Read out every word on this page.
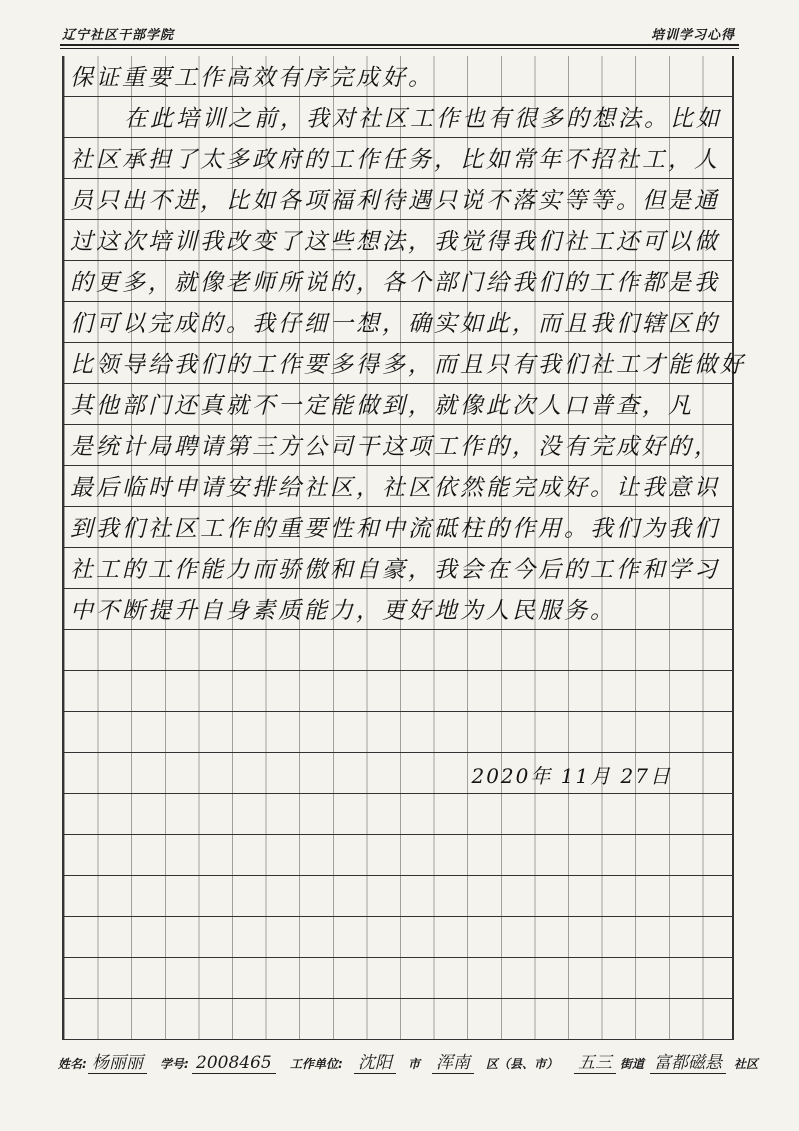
辽宁社区干部学院	培训学习心得
保证重要工作高效有序完成好。
在此培训之前，我对社区工作也有很多的想法。比如
社区承担了太多政府的工作任务，比如常年不招社工，人
员只出不进，比如各项福利待遇只说不落实等等。但是通
过这次培训我改变了这些想法，我觉得我们社工还可以做
的更多，就像老师所说的，各个部门给我们的工作都是我
们可以完成的。我仔细一想，确实如此，而且我们辖区的
比领导给我们的工作要多得多，而且只有我们社工才能做好
其他部门还真就不一定能做到，就像此次人口普查，凡
是统计局聘请第三方公司干这项工作的，没有完成好的，
最后临时申请安排给社区，社区依然能完成好。让我意识
到我们社区工作的重要性和中流砥柱的作用。我们为我们
社工的工作能力而骄傲和自豪，我会在今后的工作和学习
中不断提升自身素质能力，更好地为人民服务。
2020年 11月 27日
姓名: 杨丽丽	学号: 2008465	工作单位: 沈阳	市 浑南	区（县、市） 五三 街道 富都磁悬	社区
